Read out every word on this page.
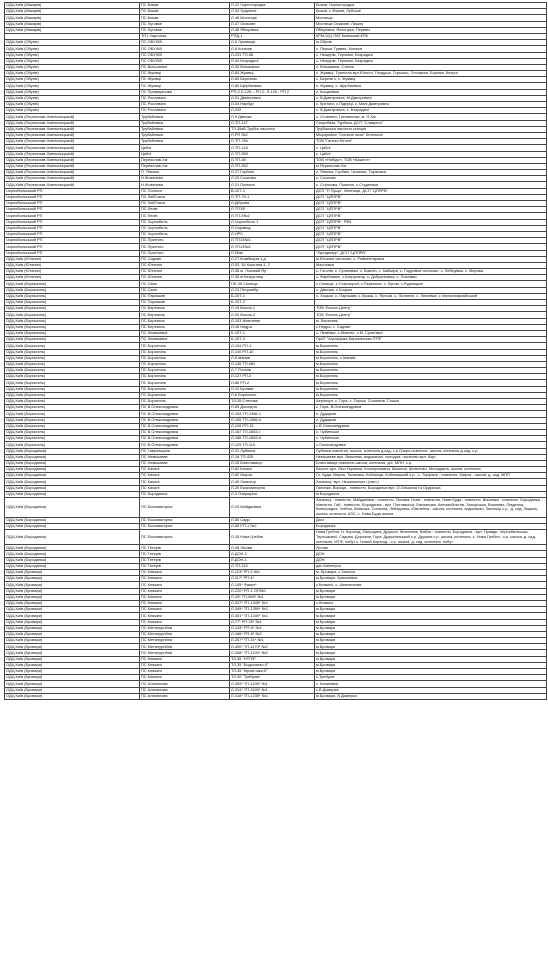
ОДЦ Київ (Макарів)	ПС Бишів	Л-12 Чорногородка	Бишів, Чорногородка
ОДЦ Київ (Макарів)	ПС Бишів	Л-34 Зріднене	Бишів, с Форми, Лубське
ОДЦ Київ (Макарів)	ПС Бишів	Л-46 Мостище	Мостище
ОДЦ Київ (Макарів)	ПС Луговое	Л-47 Осикове	Мостище,Осикове, Лишня
ОДЦ Київ (Макарів)	ПС Луговое	Л-48 Яблунівка	Яблунівка, Ясногірка, Перевіз
	ТП1 Харгопна	РПД-1	КРМ-2(1) ПАТ Київський КПК
ОДЦ Київ (Обухів)	ПС ОБУХІВ	Л-5 Лукавиця	м.Обухів
ОДЦ Київ (Обухів)	ПС ОБУХІВ	Л-8 Копачів	с. Перше Травня, Копачів
ОДЦ Київ (Обухів)	ПС ОБУХІВ	Л-231 ТП-96	с. Нещерів, Теремки, Безрадичі
ОДЦ Київ (Обухів)	ПС ОБУХІВ	Л-44 Безрадичі	с. Нещерів, Теремки, Безрадичі
ОДЦ Київ (Обухів)	ПС Вільшанка	Л-30 Вільшанка	с. Вільшанка, Степок
ОДЦ Київ (Обухів)	ПС Жуківці	Л-83 Жуківці	с. Жуківці, Трипілля вул.Юності, Глодуша, Горького, Гончаріка, Борінки, Катуга
ОДЦ Київ (Обухів)	ПС Жуківці	Л-84 Березняк	с. Берези к, с. Жуківці
ОДЦ Київ (Обухів)	ПС Жуківці	Л-85 Щербанівка	с. Жуківці, с. Щербанівка
ОДЦ Київ (Обухів)	ПС Промвузлова	РП-2 Л-126 – РП-2, Л-125 - РП 2	с. Кощинівка
ОДЦ Київ (Обухів)	ПС Рославичі	Л-51 Дмитровичі	с. В.Дмитровичі, М.Дмитровичі
ОДЦ Київ (Обухів)	ПС Рославичі	Л-34 Нарбур	с. Креничі, с.Підгірці, с. Малі Дмитровичі
ОДЦ Київ (Обухів)	ПС Рославичі	Л-232	с. В.Дмитровичі, с. Безрадичі
ОДЦ Київ (Переяслав-Хмельницький)	Трубайлівка	Л-9 Дівички	с. Стовпяги, Гречанники, м. П.Хм.
ОДЦ Київ (Переяслав-Хмельницький)	Трубайлівка	Л-ТП-147	Спортбаза, Турбаза, ДСП "Славутич"
ОДЦ Київ (Переяслав-Хмельницький)	Трубайлівка	ТЛ-35кВ Трубіж насосна	Трубіжська насосна станція
ОДЦ Київ (Переяслав-Хмельницький)	Трубайлівка	Л-РП №2	Мікрорайон "Спільне лиха" Котельня
ОДЦ Київ (Переяслав-Хмельницький)	Трубайлівка	Л-ТП-784	ТОВ "Ганеко Кітчен"
ОДЦ Київ (Переяслав-Хмельницький)	Циблі	Л-ТП-143	с. Циблі
ОДЦ Київ (Переяслав-Хмельницький)	Циблі	Л-ТП-559	с. Циблі
ОДЦ Київ (Переяслав-Хмельницький)	Переяслав-Хм	Л-ТП-38	ТОВ «Нобідо», ТОВ «Бажест»
ОДЦ Київ (Переяслав-Хмельницький)	Переяслав-Хм	Л-ТП-352	м.Переяслав-Хм
ОДЦ Київ (Переяслав-Хмельницький)	П. Яненки	Л-27 Горбані	с. Яненки, Горбані, Чопилки, Тарасівка
ОДЦ Київ (Переяслав-Хмельницький)	Н.Жовтнева	Л-20 Соснова	с. Соснова
ОДЦ Київ (Переяслав-Хмельницький)	Н.Жовтнева	Л-21 Помоклі	с. Строкова, Помоклі, с.Студеники
Чорнобильський РП	ПС Полісся	В-10Т-1	ДСП "П Пуща", Митниця, ДСП "ЦППРВ"
Чорнобильський РП	ПС ЛабГлиха	Л-ТП-79-1	ДСП "ЦППРВ"
Чорнобильський РП	ПС ЛабГлиха	Л-Діброва	ДСП "ЦППРВ"
Чорнобильський РП	ПС Лелів	Л-ТП1Ф	ДСП "ЦППРВ"
Чорнобильський РП	ПС Лелів	Л-ТП-5№2	ДСП "ЦППРВ"
Чорнобильський РП	ПС Чорнобиль	Л-Чорнобиль-1	ДСП "ЦППРВ", РВЗ
Чорнобильський РП	ПС Чорнобиль	Л-Сиравод	ДСП "ЦППРВ"
Чорнобильський РП	ПС Чорнобиль	Л-НРС	ДСП "ЦППРВ"
Чорнобильський РП	ПС Прип'ять	Л-ТП13№1	ДСП "ЦППРВ"
Чорнобильський РП	ПС Прип'ять	Л-ТП13№2	ДСП "ЦППРВ"
Чорнобильський РП	ПС Прип'ять	Л-Янів	"Укргідмпур", ДСП "ЦППРВ"
ОДЦ Київ (Ютянин)	ПС Садове	Л-27 Комбікорм з-д	м.Ютянин частково, с. Рейментарівка
ОДЦ Київ (Ютянин)	ПС Ютянин	Л-53, 54 Кошгани-1, 2	Масловка
ОДЦ Київ (Ютянин)	ПС Ютянин	Л-35 м. Лозовий Яр	с. Гоголів, с. Сулимівка, с. Бокити, с. Кайвари, с. Годунівка частково, с. Лебедівка, с. Мирова
ОДЦ Київ (Ютянин)	ПС Ютянин	Л-35 м Катруглиці	с. Фарбованє, с.Катрусинці, с. Добранічівка, с. Поєнівки
ОДЦ Київ (Боришпіль)	ПС Свил	ПЛ-35 Селище	с.Селище, с.Старокучні, с.Перемога, с. Лугові, с.Рудницьке
ОДЦ Київ (Боришпіль)	ПС Свил	Л-23 Петровбір	с. Дівички, с.Хоцьки
ОДЦ Київ (Боришпіль)	ПС Паришків	Б-10Т-1	с. Хоцьки, с. Паришків, с.Лукаш, с. Ярешкі, с. Пилипче, с. Леонівка; с.Червоноармійський
ОДЦ Київ (Боришпіль)	ПС Паришків	Б-10Т-2	
ОДЦ Київ (Боришпіль)	ПС Березань	Л-19 Волла-1	ТОВ "Белла-Центр"
ОДЦ Київ (Боришпіль)	ПС Березань	Л-20 Волла-2	ТОВ "Белла-Центр"
ОДЦ Київ (Боришпіль)	ПС Березань	Л-103 Жовтневе	м. Березань
ОДЦ Київ (Боришпіль)	ПС Березань	Л-18 Недра	с.Недра, с. Садове
ОДЦ Київ (Боришпіль)	ПС Лемешівка	Б-10Т-1	с. Леміївка, с.Жовтне, с.М. Сулогівка
ОДЦ Київ (Боришпіль)	ПС Лемешівка	Б-10Т-2	ПрАТ "Агрофірма Березанська ПТФ"
ОДЦ Київ (Бориспіль)	ПС Бориспіль	Л-104 РП-1	м.Бориспіль
ОДЦ Київ (Бориспіль)	ПС Бориспіль	Л-140 РП-1II	м.Бориспіль
ОДЦ Київ (Бориспіль)	ПС Бориспіль	Л-6 Іванків	м.Бориспіль, с Іванків
ОДЦ Київ (Бориспіль)	ПС Бориспіль	Л-135 ТП-982	м.Бориспіль
ОДЦ Київ (Бориспіль)	ПС Бориспіль	Л-7 Рогозів	м.Бориспіль
ОДЦ Київ (Бориспіль)	ПС Бориспіль	Л-127 РП-2	м.Бориспіль
ОДЦ Київ (Бориспіль)	ПС Бориспіль	Л-66 РП-2	м.Бориспіль
ОДЦ Київ (Бориспіль)	ПС Бориспіль	Л-10 Кучаків	м.Бориспіль
ОДЦ Київ (Бориспіль)	ПС Бориспіль	Л-8 Бориспіль	м.Бориспіль
ОДЦ Київ (Бориспіль)	ПС Бориспіль	ТЛ-35 Степова	Аеропорт, с. Гора, с. Гирськ, Сошників, Сошки
ОДЦ Київ (Бориспіль)	ПС В.Олександрівка	Л-69 Дослідна	с. Гора, В.Олександрівка
ОДЦ Київ (Бориспіль)	ПС В.Олександрівка	Л-154 ТП-1366-1	с. Дударків
ОДЦ Київ (Бориспіль)	ПС В.Олександрівка	Л-155 ТП-1366-II	с. Дударків
ОДЦ Київ (Бориспіль)	ПС В.Олександрівка	Л-126 РП-13	с.В.Олександрівка
ОДЦ Київ (Бориспіль)	ПС В.Олександрівка	Л-167 ТП-1653-І	с. Чубинське
ОДЦ Київ (Бориспіль)	ПС В.Олександрівка	Л-186 ТП-1653-ІІ	с. Чубинське
ОДЦ Київ (Бориспіль)	ПС В.Олександрівка	Л-129 ТП-110	с.Олександрівка
ОДЦ Київ (Бородянка)	ПС Гавронщина	Л-31 Лубянка	Лубянка повністю, школа, котельня д.сад, с.р.Озера повністю, школа, котельня д.сад, с.р.
ОДЦ Київ (Бородянка)	ПС Немішаєве	Л-16 ТП-425	Немішаєве вул. Вишнева, водоканал, колодязі, частково вул. Корі.
ОДЦ Київ (Бородянка)	ПС Немішаєве	Л-15 Блиставиця	Блиставиця повністю школа, котельня, д/с, МПН, с.р.
ОДЦ Київ (Бородянка)	ПС Качалі	Л-62 Качалі	Качалі: вул. Лесі Українки, Кооперативна, Шкільна, Шевченко, Молодіжна, школа, котельня.
ОДЦ Київ (Бородянка)	ПС Качалі	Л-60 Мирча	Ст. Буда, Мирча, Талалаєк, Кобзанця, Кобзницький с.р., с. Торфяне - повністю, Мирча - школа, д. сад, МПП
ОДЦ Київ (Бородянка)	ПС Качалі	Л-49 Загальці	Загальці: вул. Незалежності (част.)
ОДЦ Київ (Бородянка)	ПС Качалі	Л-20 Ексковаторна	Галинка, Вориця - повністю, Бородянка вул. О.Ольжича та Ордиська
ОДЦ Київ (Бородянка)	ПС Бородянка	Л-3 Озерщина	м.Бородянка
ОДЦ Київ (Бородянка)	ПС Ексковаторна	Л-19 Майданівка	Загальці - повністю, Майданівка - повністю, Пилява. Нове - повністю, Нове Буда - повністю. Вишняки - повністю. Бородянка - повністю. Гай - повністю. Бородянка - вул. Полтавська, Бакланова, Автомобілістів, Запорізька, Вишнева, Південна, Виноградна, Хлібна, Київська, Сонячна, Лебединна, Ювілейна - школа, котельня, водоканал. Загальці с.р., д. сад, Ліщина, школа, котельня, АЗС, с. Нова Буда школа
ОДЦ Київ (Бородянка)	ПС Ексковаторна	Л-55 Сади	Дачі
ОДЦ Київ (Бородянка)	ПС Ексковаторна	Л-65 РП-1 №2	Бородянка
ОДЦ Київ (Бородянка)	ПС Ексковаторна	Л-18 Нова Гребля	Нова Гребля, Н. Корогод, Озерщина, Друшня, Жовтневе, Вабля - повністю. Бородянка - вул. Правди, Чернобильська, Терешкової, Садова, Дорожня, Гора. Друшнянський с.р. Друшня с.р. школа, котельня, с. Нова Гребля - с.р. школа, д. сад, котельня, МТФ, побут с. Новий Корогод - с.р. школа, д. сад, котельня, побут
ОДЦ Київ (Бородянка)	ПС Тетерів	Л-28 Лісова	Лісова
ОДЦ Київ (Бородянка)	ПС Тетерів	Л-ДОН-2	ДОН
ОДЦ Київ (Бородянка)	ПС Тетерів	Л-ДОН-1	ДОН
ОДЦ Київ (Бородянка)	ПС Тетерів	Л-ТП-210	дач Киїенерго
ОДЦ Київ (Бровари)	ПС Княжичі	Л-113* РП-3 №1	м. Бровари, с.Залісся
ОДЦ Київ (Бровари)	ПС Княжичі	Л-117* РП-4*	м.Бровари, Красилівка
ОДЦ Київ (Бровари)	ПС Княжичі	Л-145* Факел*	с.Княжичі, с. Шевченкове
ОДЦ Київ (Бровари)	ПС Княжичі	Л-220* РП-1 ОП№1	м.Бровари
ОДЦ Київ (Бровари)	ПС Княжичі	Л-25* ТП-989* №1	м.Бровари
ОДЦ Київ (Бровари)	ПС Княжичі	Л-347* ТП-1345* №1	с.Княжичі
ОДЦ Київ (Бровари)	ПС Княжичі	Л-349* ТП-1359* №1	м.Бровари
ОДЦ Київ (Бровари)	ПС Княжичі	Л-351* ТП-1340* №1	м.Бровари
ОДЦ Київ (Бровари)	ПС Княжичі	Л-77* РП-25* №1	м.Бровари
ОДЦ Київ (Бровари)	ПС Металургійна	Л-143* РП-6* №1	м.Бровари
ОДЦ Київ (Бровари)	ПС Металургійна	Л-166* РП-8* №2	м.Бровари
ОДЦ Київ (Бровари)	ПС Металургійна	Л-257* ТП-31* №1	м.Бровари
ОДЦ Київ (Бровари)	ПС Металургійна	Л-300* ТП-1170* №2	м.Бровари
ОДЦ Київ (Бровари)	ПС Металургійна	Л-308* ТП-1190* №2	м.Бровари
ОДЦ Київ (Бровари)	ПС Княжичі	ТЛ-35 "НТПФ"	м.Бровари
ОДЦ Київ (Бровари)	ПС Княжичі	ТЛ-35 "Водоканал-II"	м.Бровари
ОДЦ Київ (Бровари)	ПС Княжичі	ТЛ-35 "Кірові-шки-II"	м.Бровари
ОДЦ Київ (Бровари)	ПС Княжичі	ТЛ-35 "Требухів"	с.Требухів
ОДЦ Київ (Бровари)	ПС Алхімілова	Л-309* ТП-1195* №1	с. Калинівка
ОДЦ Київ (Бровари)	ПС Алхімілова	Л-314* ТП-1199* №1	с.В.Димерка
ОДЦ Київ (Бровари)	ПС Алхімілова	Л-318* ТП-1235* №1	м.Бровари, В.Димерка
